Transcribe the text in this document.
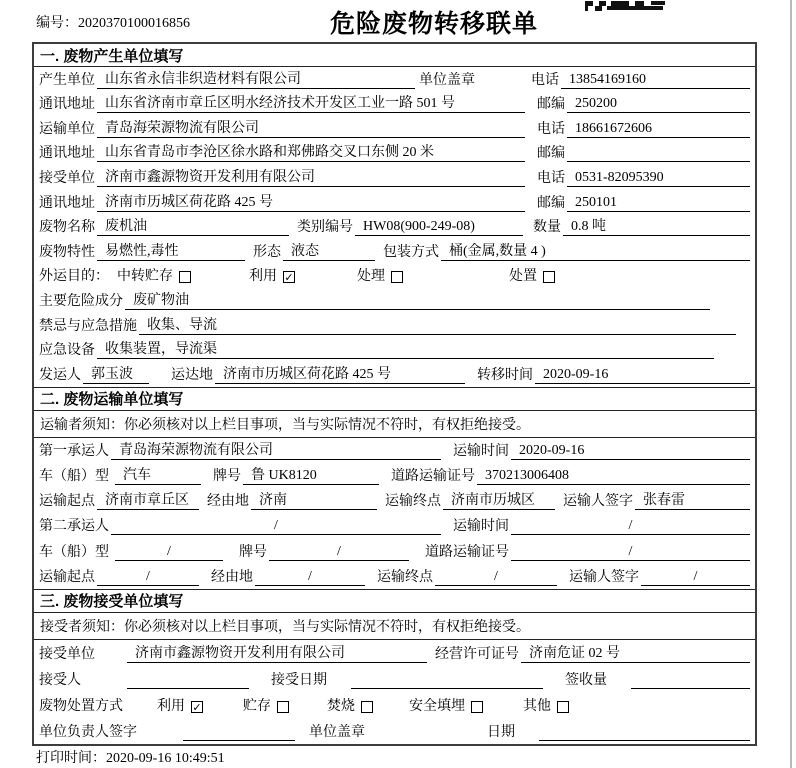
编号：2020370100016856	危险废物转移联单
一. 废物产生单位填写
产生单位 山东省永信非织造材料有限公司	单位盖章	电话 13854169160
通讯地址 山东省济南市章丘区明水经济技术开发区工业一路 501 号	邮编 250200
运输单位 青岛海荣源物流有限公司	电话 18661672606
通讯地址 山东省青岛市李沧区徐水路和郑佛路交叉口东侧 20 米	邮编
接受单位 济南市鑫源物资开发利用有限公司	电话 0531-82095390
通讯地址 济南市历城区荷花路 425 号	邮编 250101
废物名称 废机油	类别编号 HW08(900-249-08)	数量 0.8 吨
废物特性 易燃性,毒性	形态 液态	包装方式 桶(金属,数量 4 )
外运目的： 中转贮存	利用 ✓	处理	处置
主要危险成分 废矿物油
禁忌与应急措施 收集、导流
应急设备 收集装置，导流渠
发运人 郭玉波	运达地 济南市历城区荷花路 425 号	转移时间 2020-09-16
二. 废物运输单位填写
运输者须知：你必须核对以上栏目事项，当与实际情况不符时，有权拒绝接受。
第一承运人 青岛海荣源物流有限公司	运输时间 2020-09-16
车（船）型	汽车	牌号 鲁 UK8120	道路运输证号 370213006408
运输起点 济南市章丘区	经由地 济南	运输终点 济南市历城区	运输人签字 张春雷
第二承运人	/	运输时间	/
车（船）型	/	牌号	/	道路运输证号	/
运输起点	/	经由地	/	运输终点	/	运输人签字	/
三. 废物接受单位填写
接受者须知：你必须核对以上栏目事项，当与实际情况不符时，有权拒绝接受。
接受单位	济南市鑫源物资开发利用有限公司	经营许可证号 济南危证 02 号
接受人	接受日期	签收量
废物处置方式 利用 ✓	贮存	焚烧	安全填埋	其他
单位负责人签字	单位盖章	日期
打印时间：2020-09-16 10:49:51
